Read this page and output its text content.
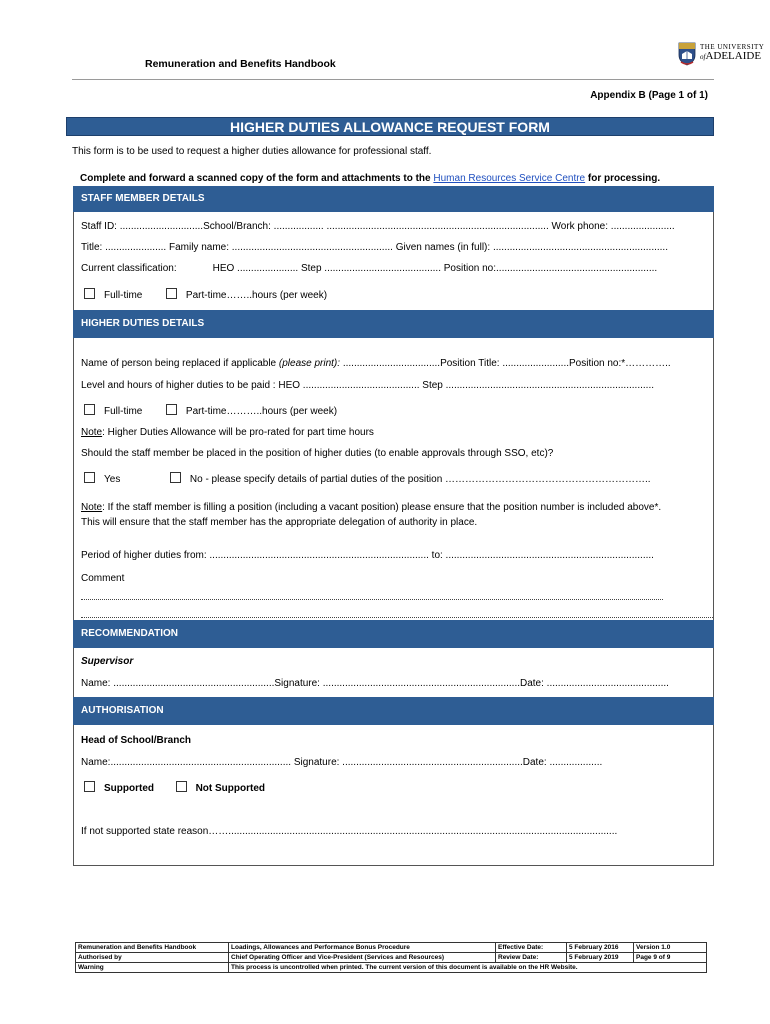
Remuneration and Benefits Handbook
THE UNIVERSITY
ofADELAIDE
Appendix B (Page 1 of 1)
HIGHER DUTIES ALLOWANCE REQUEST FORM
This form is to be used to request a higher duties allowance for professional staff.
Complete and forward a scanned copy of the form and attachments to the Human Resources Service Centre for processing.
STAFF MEMBER DETAILS
Staff ID: ..............................School/Branch: .................. ................................................................................ Work phone: .......................
Title: ...................... Family name: .......................................................... Given names (in full): ...............................................................
Current classification:	HEO ...................... Step .......................................... Position no:..........................................................
Full-time	Part-time……..hours (per week)
HIGHER DUTIES DETAILS
Name of person being replaced if applicable (please print): ...................................Position Title: ........................Position no:*…………..
Level and hours of higher duties to be paid : HEO .......................................... Step ...........................................................................
Full-time	Part-time………..hours (per week)
Note: Higher Duties Allowance will be pro-rated for part time hours
Should the staff member be placed in the position of higher duties (to enable approvals through SSO, etc)?
Yes	No - please specify details of partial duties of the position ……………………………………………………..
Note: If the staff member is filling a position (including a vacant position) please ensure that the position number is included above*.
This will ensure that the staff member has the appropriate delegation of authority in place.
Period of higher duties from: ............................................................................... to: ...........................................................................
Comment
RECOMMENDATION
Supervisor
Name: ..........................................................Signature: .......................................................................Date: ............................................
AUTHORISATION
Head of School/Branch
Name:................................................................. Signature: .................................................................Date: ...................
Supported	Not Supported
If not supported state reason……............................................................................................................................................
Remuneration and Benefits Handbook	Loadings, Allowances and Performance Bonus Procedure	Effective Date:	5 February 2016	Version 1.0
Authorised by	Chief Operating Officer and Vice-President (Services and Resources)	Review Date:	5 February 2019	Page 9 of 9
Warning	This process is uncontrolled when printed. The current version of this document is available on the HR Website.			
